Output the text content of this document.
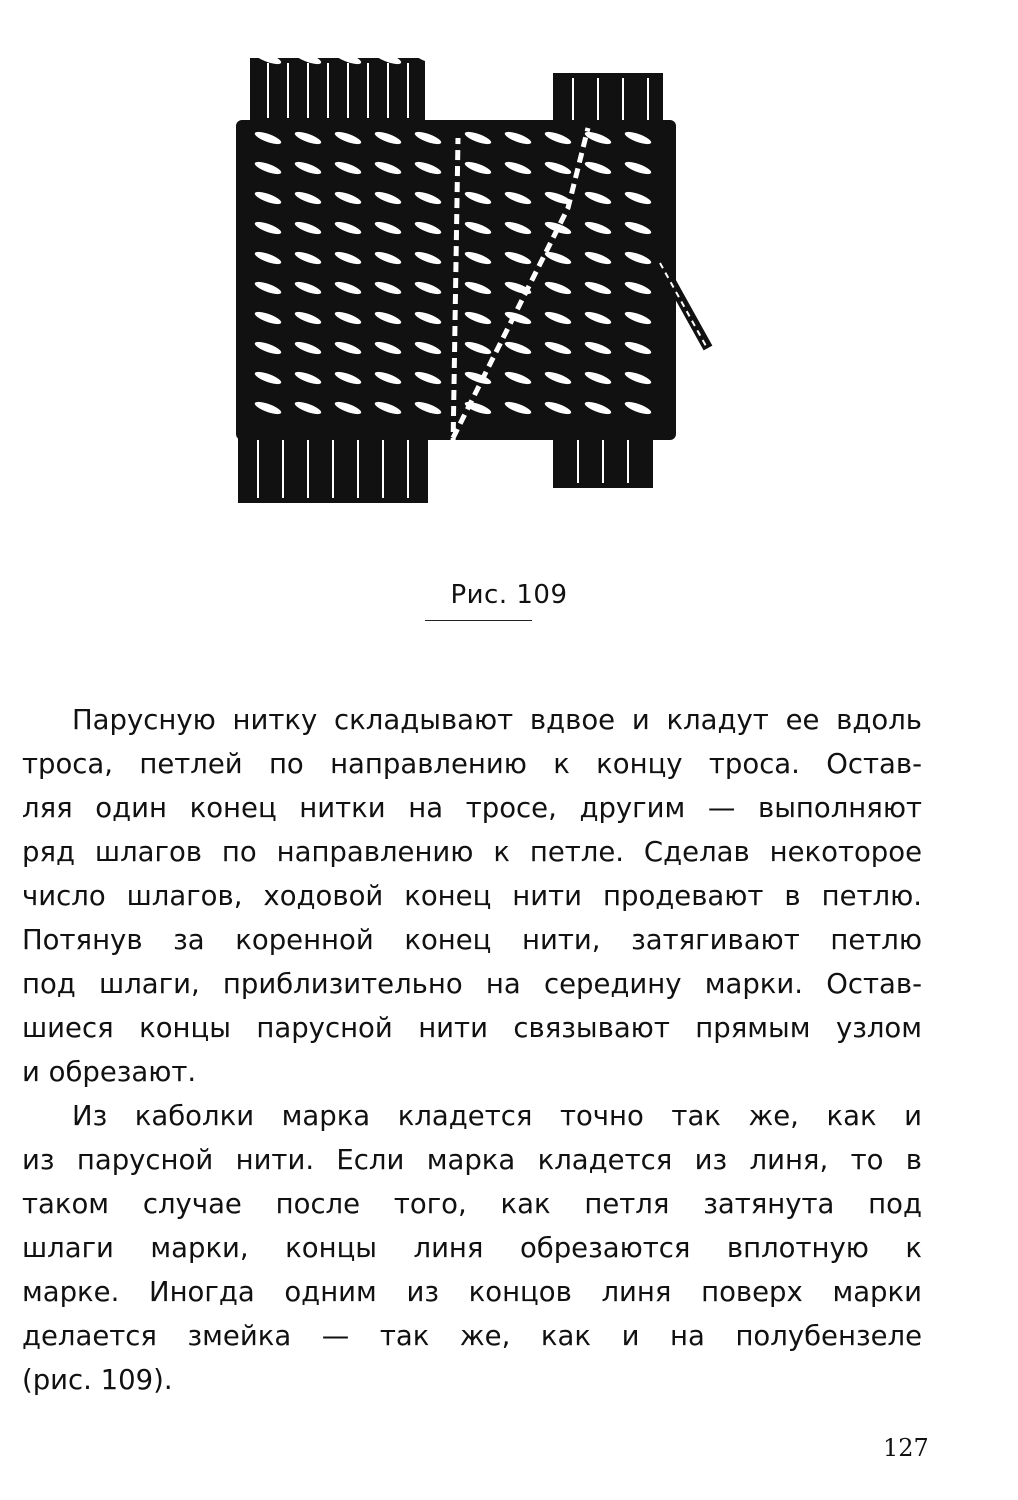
Рис. 109
Парусную нитку складывают вдвое и кладут ее вдоль
троса, петлей по направлению к концу троса. Остав-
ляя один конец нитки на тросе, другим — выполняют
ряд шлагов по направлению к петле. Сделав некоторое
число шлагов, ходовой конец нити продевают в петлю.
Потянув за коренной конец нити, затягивают петлю
под шлаги, приблизительно на середину марки. Остав-
шиеся концы парусной нити связывают прямым узлом
и обрезают.
Из каболки марка кладется точно так же, как и
из парусной нити. Если марка кладется из линя, то в
таком случае после того, как петля затянута под
шлаги марки, концы линя обрезаются вплотную к
марке. Иногда одним из концов линя поверх марки
делается змейка — так же, как и на полубензеле
(рис. 109).
127
